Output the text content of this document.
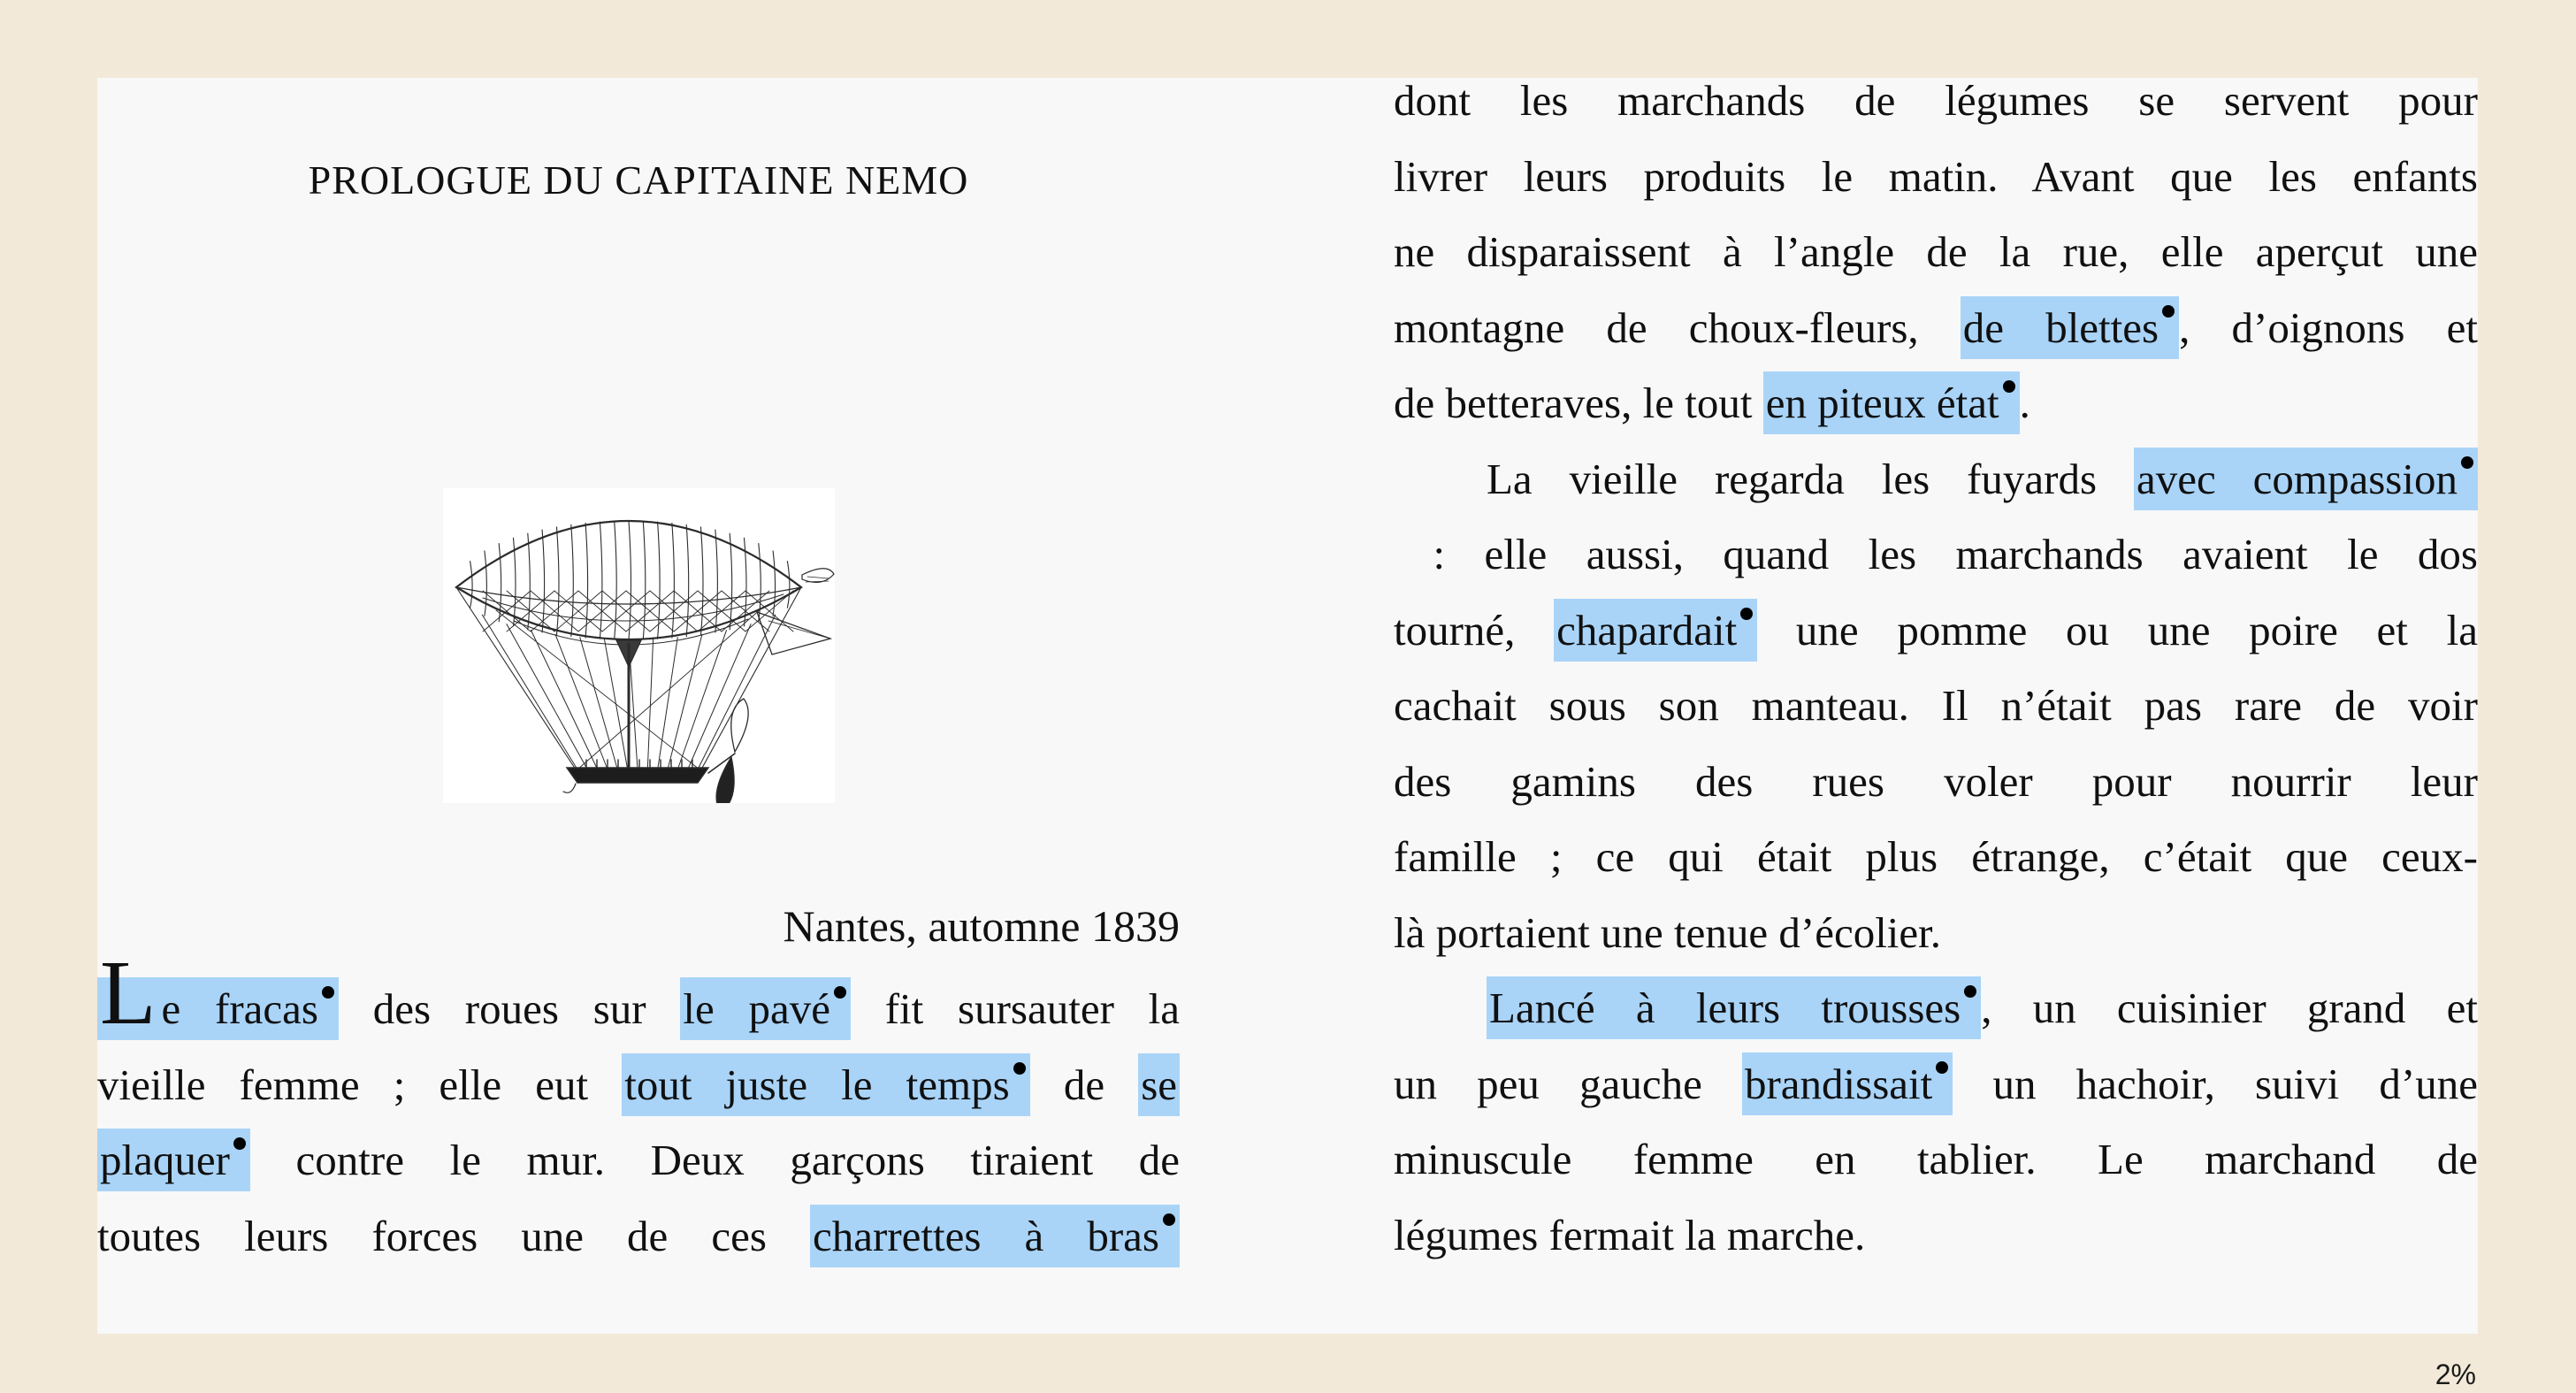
PROLOGUE DU CAPITAINE NEMO
Nantes, automne 1839
Le fracas des roues sur le pavé fit sursauter la
vieille femme ; elle eut tout juste le temps de se
plaquer contre le mur. Deux garçons tiraient de
toutes leurs forces une de ces charrettes à bras
dont les marchands de légumes se servent pour
livrer leurs produits le matin. Avant que les enfants
ne disparaissent à l’angle de la rue, elle aperçut une
montagne de choux-fleurs, de blettes , d’oignons et
de betteraves, le tout en piteux état .
La vieille regarda les fuyards avec compassion
: elle aussi, quand les marchands avaient le dos
tourné, chapardait une pomme ou une poire et la
cachait sous son manteau. Il n’était pas rare de voir
des gamins des rues voler pour nourrir leur
famille ; ce qui était plus étrange, c’était que ceux-
là portaient une tenue d’écolier.
Lancé à leurs trousses , un cuisinier grand et
un peu gauche brandissait un hachoir, suivi d’une
minuscule femme en tablier. Le marchand de
légumes fermait la marche.
2%
